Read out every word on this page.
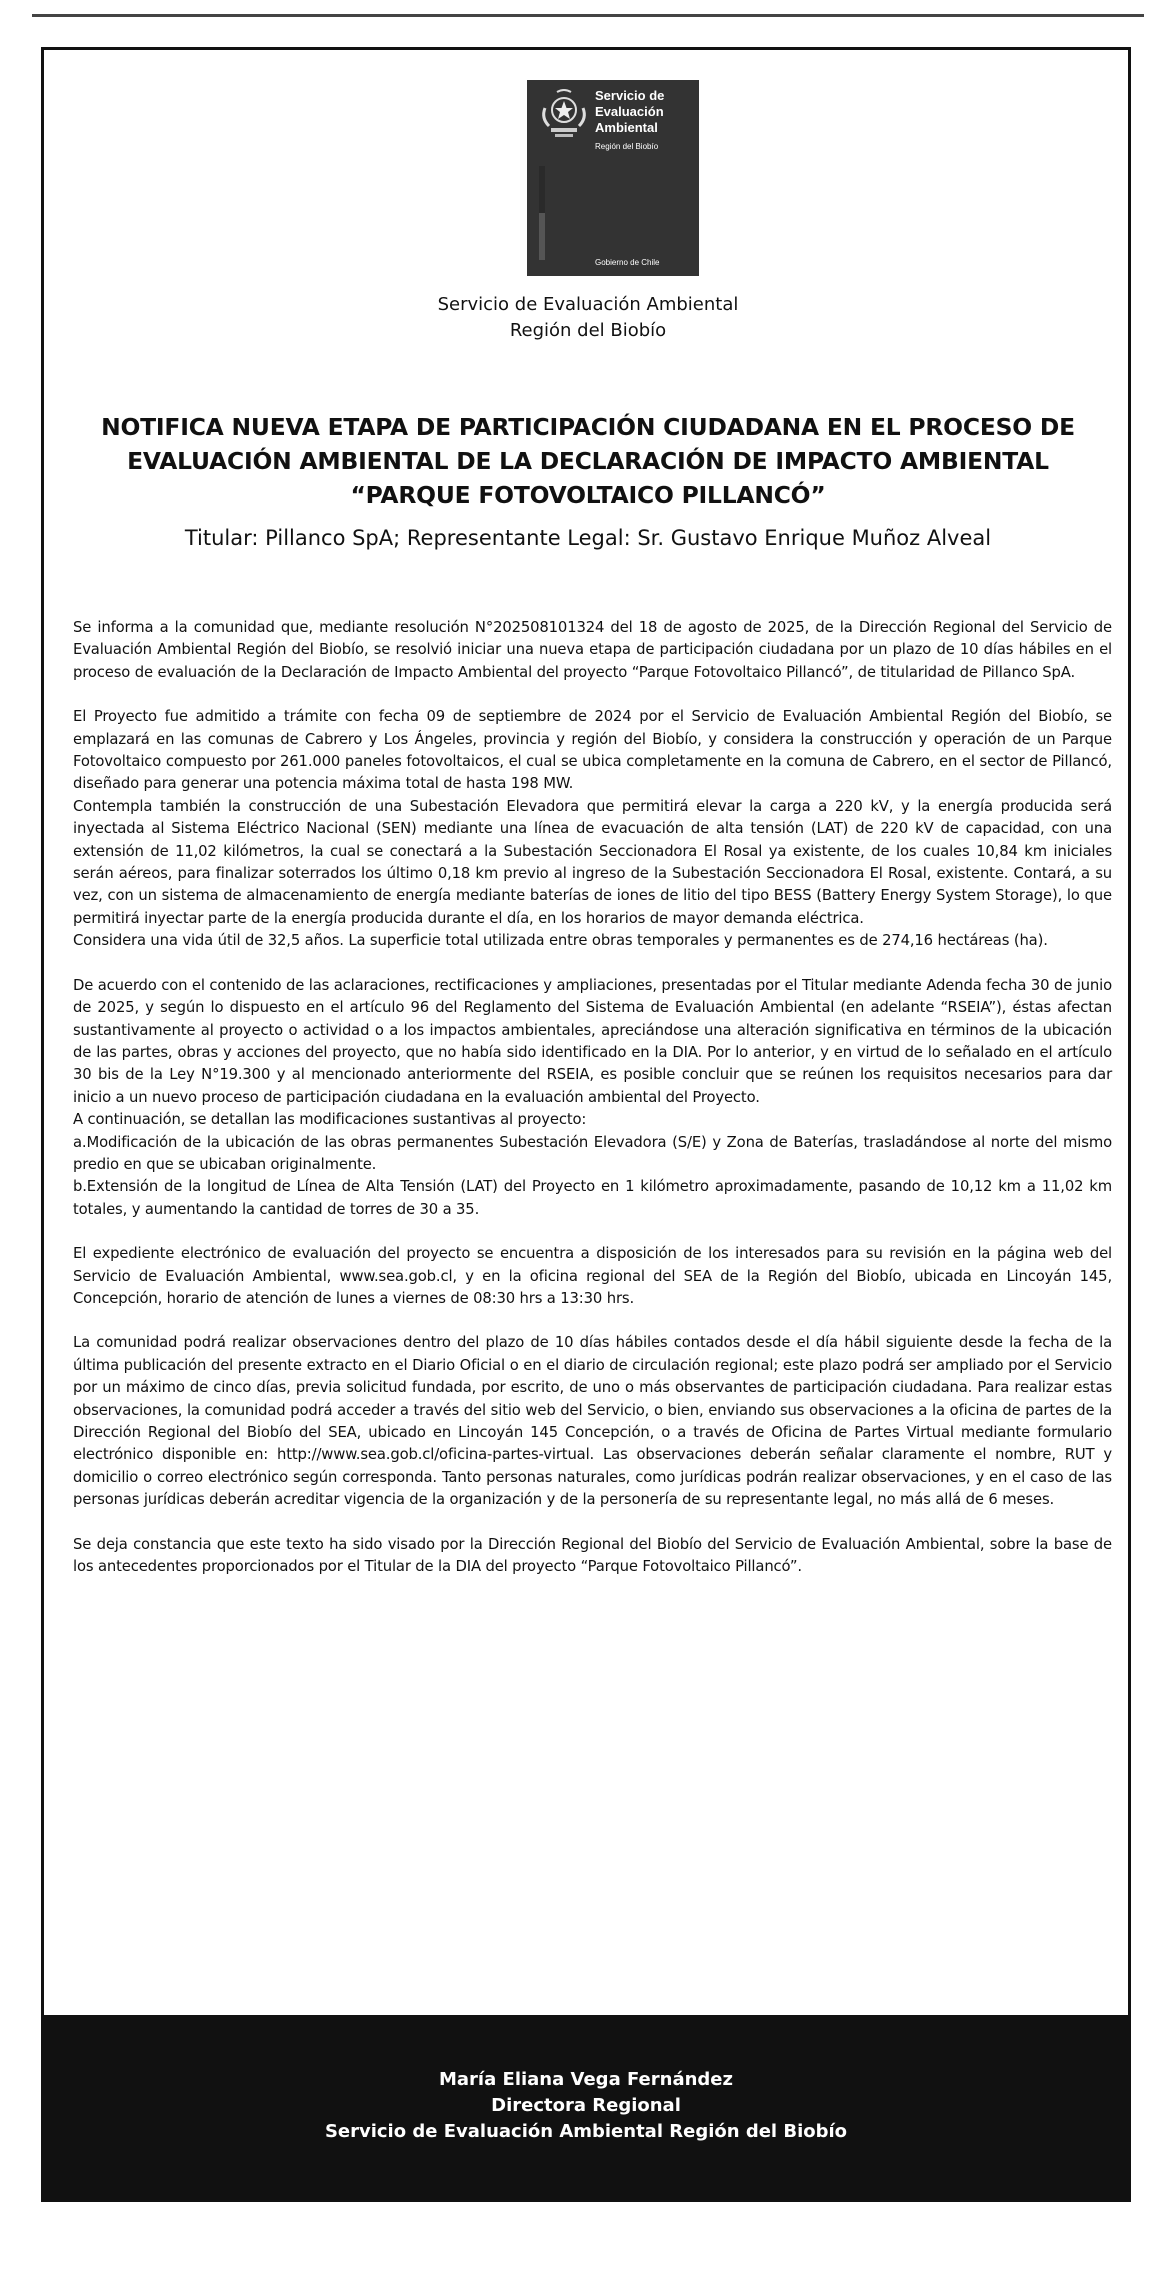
Servicio de
Evaluación
Ambiental
Región del Biobío
Gobierno de Chile
Servicio de Evaluación Ambiental
Región del Biobío
NOTIFICA NUEVA ETAPA DE PARTICIPACIÓN CIUDADANA EN EL PROCESO DE
EVALUACIÓN AMBIENTAL DE LA DECLARACIÓN DE IMPACTO AMBIENTAL
“PARQUE FOTOVOLTAICO PILLANCÓ”
Titular: Pillanco SpA; Representante Legal: Sr. Gustavo Enrique Muñoz Alveal

Se informa a la comunidad que, mediante resolución N°202508101324 del 18 de agosto de 2025, de la Dirección Regional del Servicio de Evaluación Ambiental Región del Biobío, se resolvió iniciar una nueva etapa de participación ciudadana por un plazo de 10 días hábiles en el proceso de evaluación de la Declaración de Impacto Ambiental del proyecto “Parque Fotovoltaico Pillancó”, de titularidad de Pillanco SpA.

El Proyecto fue admitido a trámite con fecha 09 de septiembre de 2024 por el Servicio de Evaluación Ambiental Región del Biobío, se emplazará en las comunas de Cabrero y Los Ángeles, provincia y región del Biobío, y considera la construcción y operación de un Parque Fotovoltaico compuesto por 261.000 paneles fotovoltaicos, el cual se ubica completamente en la comuna de Cabrero, en el sector de Pillancó, diseñado para generar una potencia máxima total de hasta 198 MW.

Contempla también la construcción de una Subestación Elevadora que permitirá elevar la carga a 220 kV, y la energía producida será inyectada al Sistema Eléctrico Nacional (SEN) mediante una línea de evacuación de alta tensión (LAT) de 220 kV de capacidad, con una extensión de 11,02 kilómetros, la cual se conectará a la Subestación Seccionadora El Rosal ya existente, de los cuales 10,84 km iniciales serán aéreos, para finalizar soterrados los último 0,18 km previo al ingreso de la Subestación Seccionadora El Rosal, existente. Contará, a su vez, con un sistema de almacenamiento de energía mediante baterías de iones de litio del tipo BESS (Battery Energy System Storage), lo que permitirá inyectar parte de la energía producida durante el día, en los horarios de mayor demanda eléctrica.

Considera una vida útil de 32,5 años. La superficie total utilizada entre obras temporales y permanentes es de 274,16 hectáreas (ha).

De acuerdo con el contenido de las aclaraciones, rectificaciones y ampliaciones, presentadas por el Titular mediante Adenda fecha 30 de junio de 2025, y según lo dispuesto en el artículo 96 del Reglamento del Sistema de Evaluación Ambiental (en adelante “RSEIA”), éstas afectan sustantivamente al proyecto o actividad o a los impactos ambientales, apreciándose una alteración significativa en términos de la ubicación de las partes, obras y acciones del proyecto, que no había sido identificado en la DIA. Por lo anterior, y en virtud de lo señalado en el artículo 30 bis de la Ley N°19.300 y al mencionado anteriormente del RSEIA, es posible concluir que se reúnen los requisitos necesarios para dar inicio a un nuevo proceso de participación ciudadana en la evaluación ambiental del Proyecto.

A continuación, se detallan las modificaciones sustantivas al proyecto:

a.Modificación de la ubicación de las obras permanentes Subestación Elevadora (S/E) y Zona de Baterías, trasladándose al norte del mismo predio en que se ubicaban originalmente.

b.Extensión de la longitud de Línea de Alta Tensión (LAT) del Proyecto en 1 kilómetro aproximadamente, pasando de 10,12 km a 11,02 km totales, y aumentando la cantidad de torres de 30 a 35.

El expediente electrónico de evaluación del proyecto se encuentra a disposición de los interesados para su revisión en la página web del Servicio de Evaluación Ambiental, www.sea.gob.cl, y en la oficina regional del SEA de la Región del Biobío, ubicada en Lincoyán 145, Concepción, horario de atención de lunes a viernes de 08:30 hrs a 13:30 hrs.

La comunidad podrá realizar observaciones dentro del plazo de 10 días hábiles contados desde el día hábil siguiente desde la fecha de la última publicación del presente extracto en el Diario Oficial o en el diario de circulación regional; este plazo podrá ser ampliado por el Servicio por un máximo de cinco días, previa solicitud fundada, por escrito, de uno o más observantes de participación ciudadana. Para realizar estas observaciones, la comunidad podrá acceder a través del sitio web del Servicio, o bien, enviando sus observaciones a la oficina de partes de la Dirección Regional del Biobío del SEA, ubicado en Lincoyán 145 Concepción, o a través de Oficina de Partes Virtual mediante formulario electrónico disponible en: http://www.sea.gob.cl/oficina-partes-virtual. Las observaciones deberán señalar claramente el nombre, RUT y domicilio o correo electrónico según corresponda. Tanto personas naturales, como jurídicas podrán realizar observaciones, y en el caso de las personas jurídicas deberán acreditar vigencia de la organización y de la personería de su representante legal, no más allá de 6 meses.

Se deja constancia que este texto ha sido visado por la Dirección Regional del Biobío del Servicio de Evaluación Ambiental, sobre la base de los antecedentes proporcionados por el Titular de la DIA del proyecto “Parque Fotovoltaico Pillancó”.

María Eliana Vega Fernández
Directora Regional
Servicio de Evaluación Ambiental Región del Biobío
